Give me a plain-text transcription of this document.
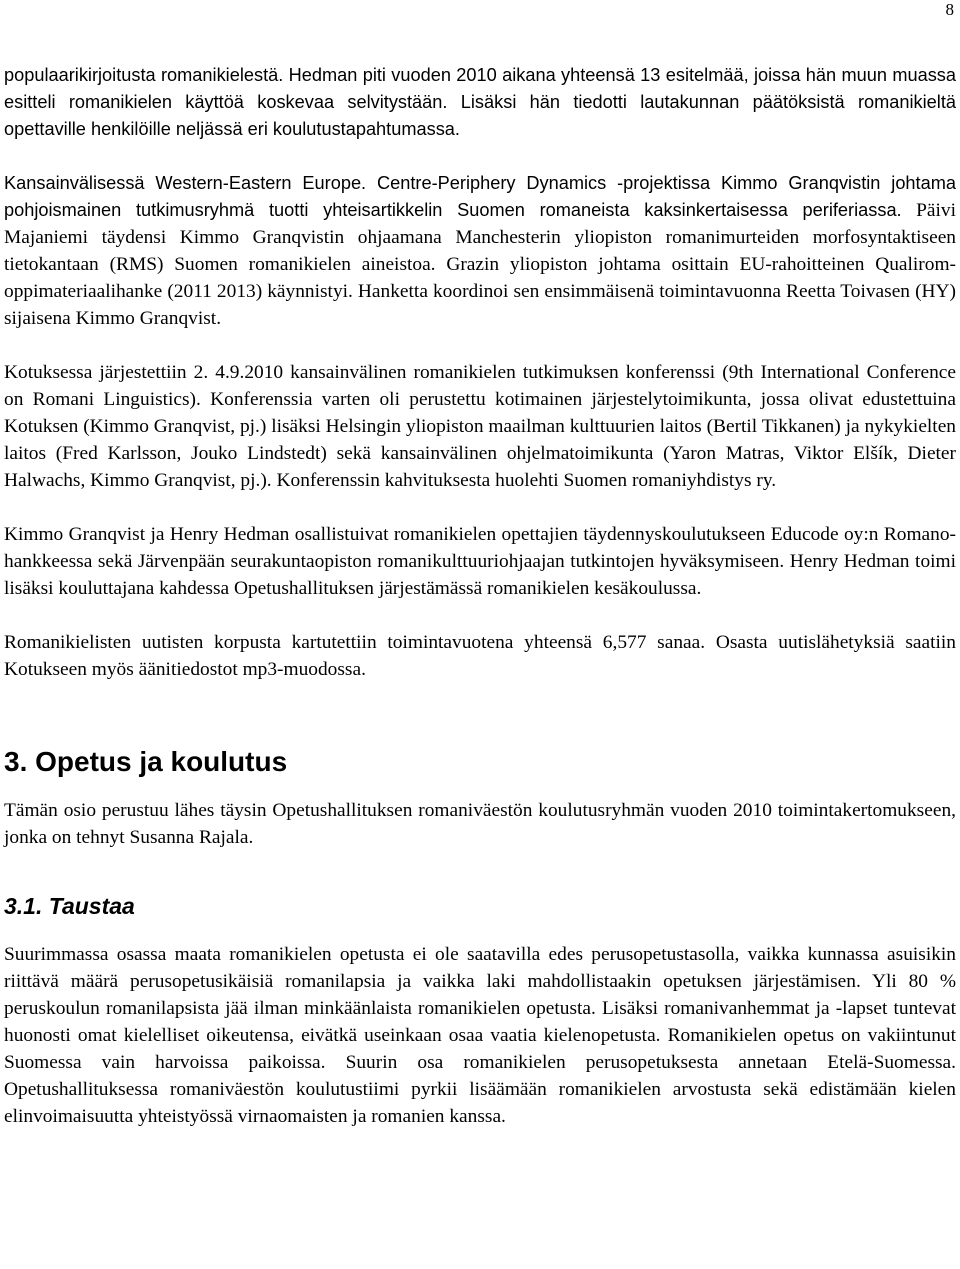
8

populaarikirjoitusta romanikielestä. Hedman piti vuoden 2010 aikana yhteensä 13 esitelmää, joissa hän muun muassa esitteli romanikielen käyttöä koskevaa selvitystään. Lisäksi hän tiedotti lautakunnan päätöksistä romanikieltä opettaville henkilöille neljässä eri koulutustapahtumassa.

Kansainvälisessä Western-Eastern Europe. Centre-Periphery Dynamics -projektissa Kimmo Granqvistin johtama pohjoismainen tutkimusryhmä tuotti yhteisartikkelin Suomen romaneista kaksinkertaisessa periferiassa. Päivi Majaniemi täydensi Kimmo Granqvistin ohjaamana Manchesterin yliopiston romanimurteiden morfosyntaktiseen tietokantaan (RMS) Suomen romanikielen aineistoa. Grazin yliopiston johtama osittain EU-rahoitteinen Qualirom-oppimateriaalihanke (2011 2013) käynnistyi. Hanketta koordinoi sen ensimmäisenä toimintavuonna Reetta Toivasen (HY) sijaisena Kimmo Granqvist.

Kotuksessa järjestettiin 2. 4.9.2010 kansainvälinen romanikielen tutkimuksen konferenssi (9th International Conference on Romani Linguistics). Konferenssia varten oli perustettu kotimainen järjestelytoimikunta, jossa olivat edustettuina Kotuksen (Kimmo Granqvist, pj.) lisäksi Helsingin yliopiston maailman kulttuurien laitos (Bertil Tikkanen) ja nykykielten laitos (Fred Karlsson, Jouko Lindstedt) sekä kansainvälinen ohjelmatoimikunta (Yaron Matras, Viktor Elšík, Dieter Halwachs, Kimmo Granqvist, pj.). Konferenssin kahvituksesta huolehti Suomen romaniyhdistys ry.

Kimmo Granqvist ja Henry Hedman osallistuivat romanikielen opettajien täydennyskoulutukseen Educode oy:n Romano-hankkeessa sekä Järvenpään seurakuntaopiston romanikulttuuriohjaajan tutkintojen hyväksymiseen. Henry Hedman toimi lisäksi kouluttajana kahdessa Opetushallituksen järjestämässä romanikielen kesäkoulussa.

Romanikielisten uutisten korpusta kartutettiin toimintavuotena yhteensä 6,577 sanaa. Osasta uutislähetyksiä saatiin Kotukseen myös äänitiedostot mp3-muodossa.

3. Opetus ja koulutus

Tämän osio perustuu lähes täysin Opetushallituksen romaniväestön koulutusryhmän vuoden 2010 toimintakertomukseen, jonka on tehnyt Susanna Rajala.

3.1. Taustaa

Suurimmassa osassa maata romanikielen opetusta ei ole saatavilla edes perusopetustasolla, vaikka kunnassa asuisikin riittävä määrä perusopetusikäisiä romanilapsia ja vaikka laki mahdollistaakin opetuksen järjestämisen. Yli 80 % peruskoulun romanilapsista jää ilman minkäänlaista romanikielen opetusta. Lisäksi romanivanhemmat ja -lapset tuntevat huonosti omat kielelliset oikeutensa, eivätkä useinkaan osaa vaatia kielenopetusta. Romanikielen opetus on vakiintunut Suomessa vain harvoissa paikoissa. Suurin osa romanikielen perusopetuksesta annetaan Etelä-Suomessa. Opetushallituksessa romaniväestön koulutustiimi pyrkii lisäämään romanikielen arvostusta sekä edistämään kielen elinvoimaisuutta yhteistyössä virnaomaisten ja romanien kanssa.
